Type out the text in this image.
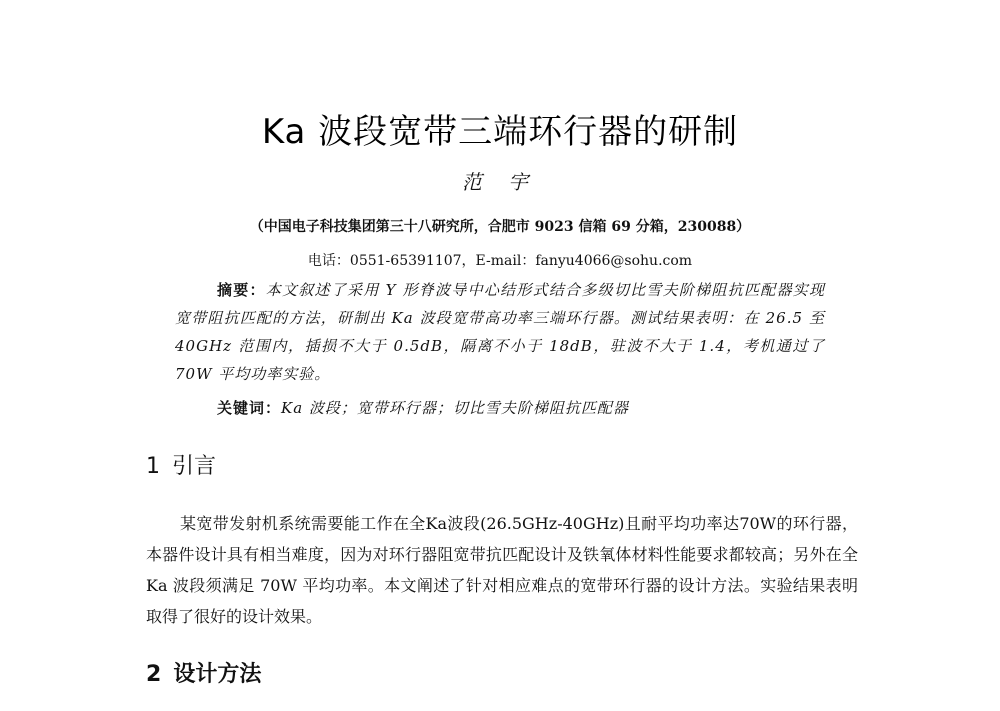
Ka 波段宽带三端环行器的研制
范 宇
（中国电子科技集团第三十八研究所，合肥市 9023 信箱 69 分箱，230088）
电话：0551-65391107，E-mail：fanyu4066@sohu.com

摘要：本文叙述了采用 Y 形脊波导中心结形式结合多级切比雪夫阶梯阻抗匹配器实现宽带阻抗匹配的方法，研制出 Ka 波段宽带高功率三端环行器。测试结果表明：在 26.5 至 40GHz 范围内，插损不大于 0.5dB，隔离不小于 18dB，驻波不大于 1.4，考机通过了 70W 平均功率实验。

关键词：Ka 波段；宽带环行器；切比雪夫阶梯阻抗匹配器
1 引言

某宽带发射机系统需要能工作在全Ka波段(26.5GHz-40GHz)且耐平均功率达70W的环行器，本器件设计具有相当难度，因为对环行器阻宽带抗匹配设计及铁氧体材料性能要求都较高；另外在全 Ka 波段须满足 70W 平均功率。本文阐述了针对相应难点的宽带环行器的设计方法。实验结果表明取得了很好的设计效果。

2 设计方法
